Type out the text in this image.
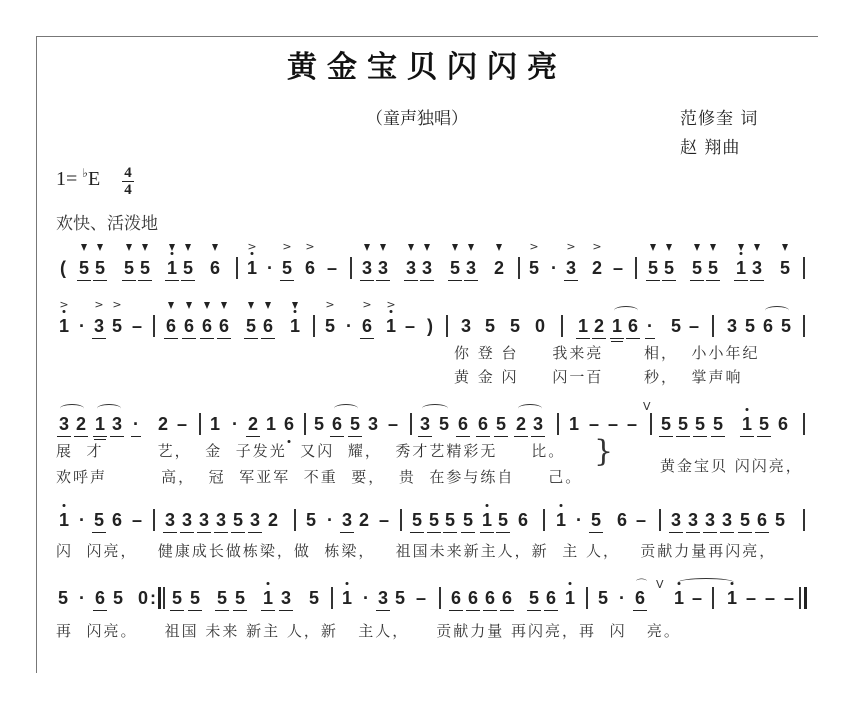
黄金宝贝闪闪亮
（童声独唱）	范修奎 词
赵 翔曲
1= ♭E 4
4
欢快、活泼地
( 5 5 5 5 1 5 6 1
>
· 5
>
6
>
– 3 3 3 3 5 3 2 5
>
· 3
>
2
>
– 5 5 5 5 1 3 5
1
>
· 3
>
5
>
– 6 6 6 6 5 6 1 5
>
· 6
>
1
>
– ) 3 5 5 0 1 2 1 6 · 5 – 3 5 6 5
你 登 台     我来亮      相，  小小年纪
黄 金 闪     闪一百      秒，  掌声响
3 2 1 3 · 2 – 1 · 2 1 6 5 6 5 3 – 3 5 6 6 5 2 3 1 – – – 5 5 5 5 1 5 6
V
展  才        艺，  金  子发光  又闪  耀，  秀才艺精彩无     比。
欢呼声        高，  冠  军亚军  不重  要，  贵  在参与练自     己。
黄金宝贝 闪闪亮，
}
1 · 5 6 – 3 3 3 3 5 3 2 5 · 3 2 – 5 5 5 5 1 5 6 1 · 5 6 – 3 3 3 3 5 6 5
闪  闪亮，   健康成长做栋梁，做  栋梁，   祖国未来新主人，新  主 人，   贡献力量再闪亮，
5 · 6 5 0 : 5 5 5 5 1 3 5 1 · 3 5 – 6 6 6 6 5 6 1 5 · 6 1 – 1 – – –
V
⌒
再  闪亮。    祖国 未来 新主 人，新   主人，    贡献力量 再闪亮，再  闪   亮。
